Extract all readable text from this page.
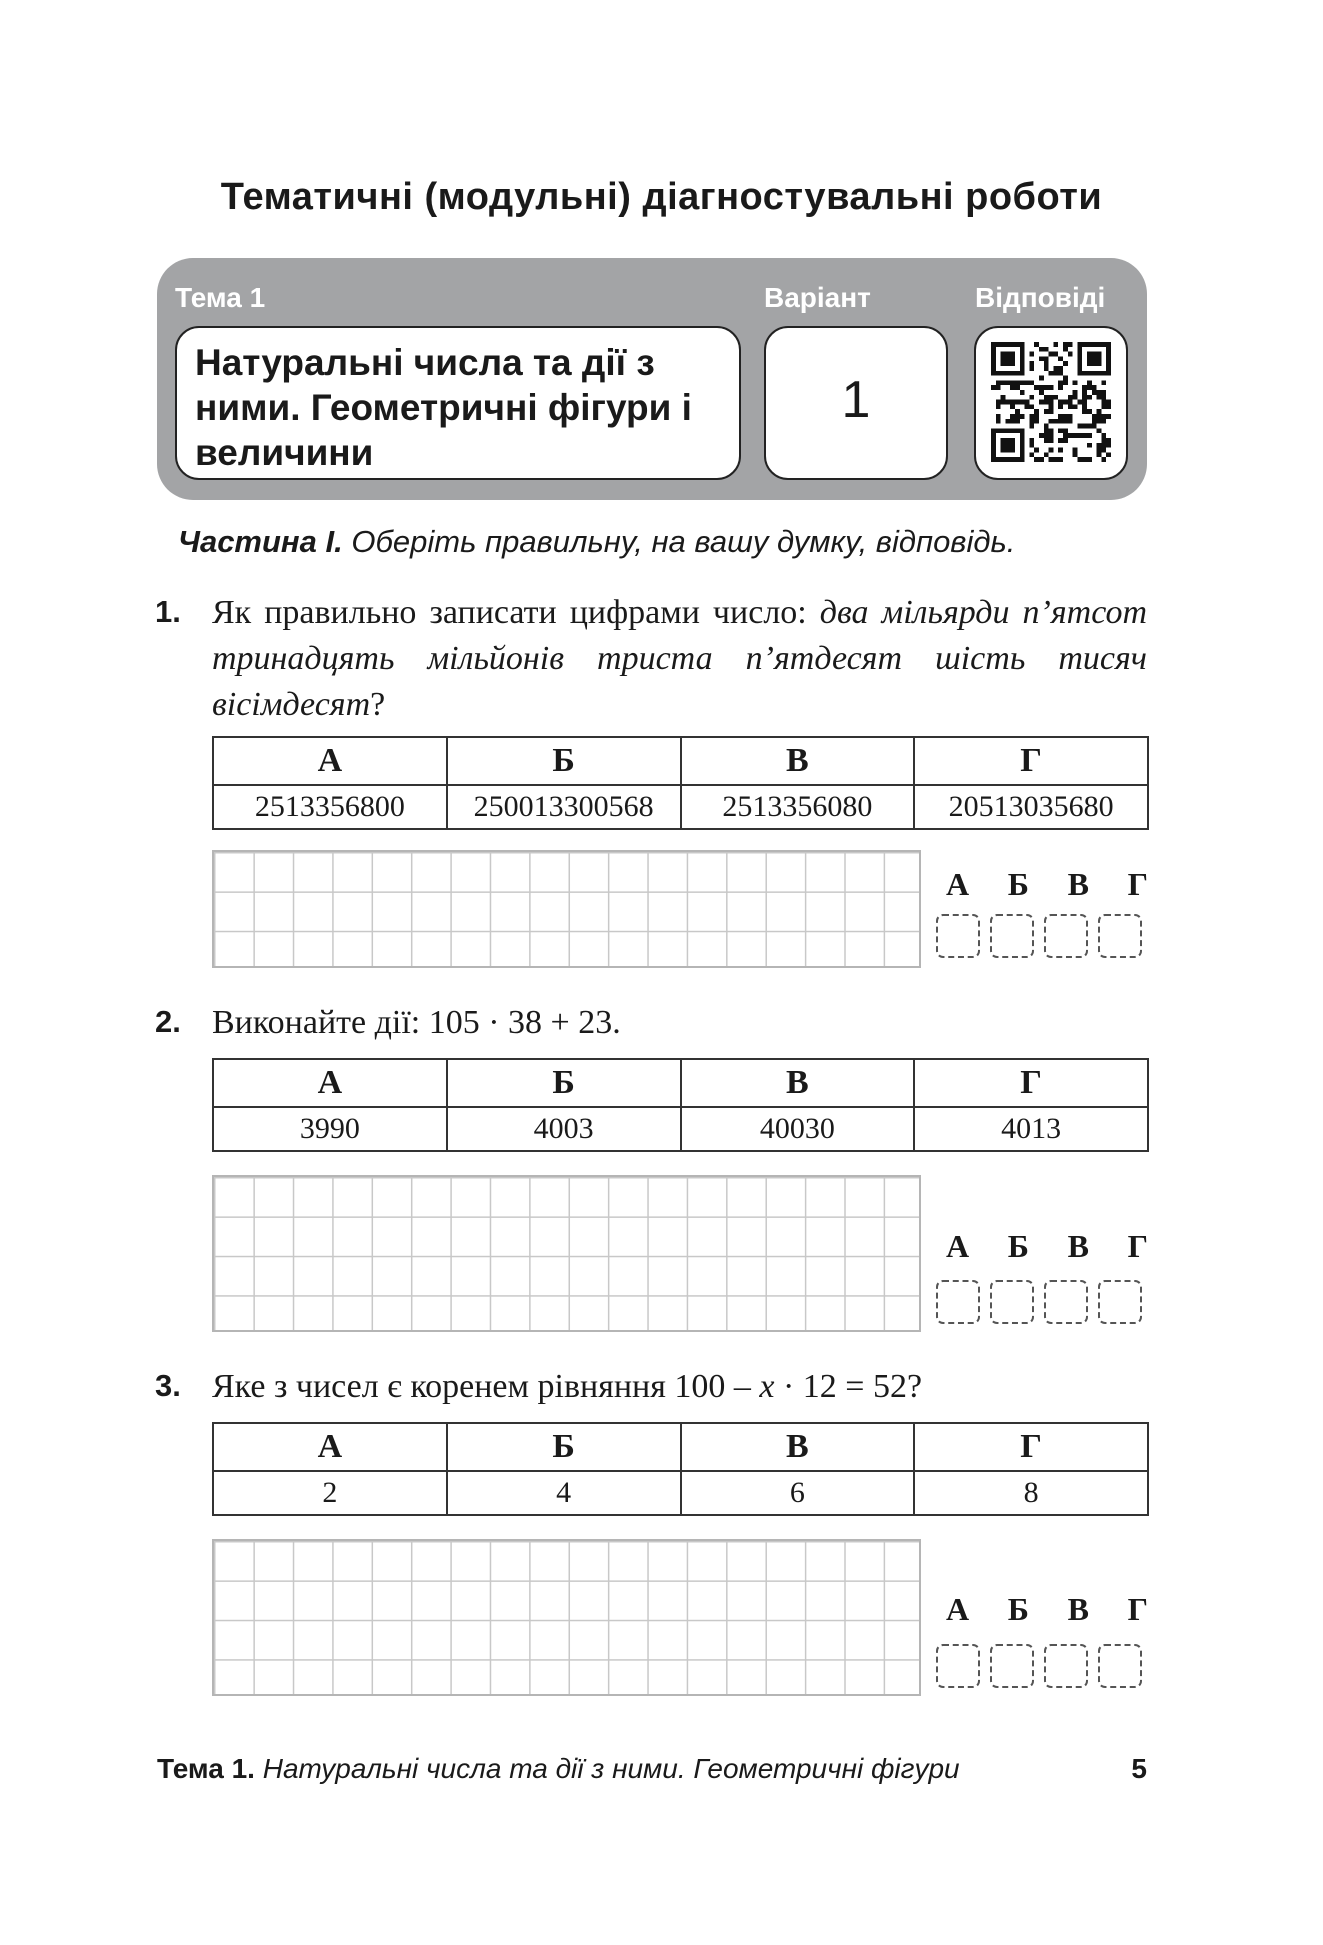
Тематичні (модульні) діагностувальні роботи
Тема 1	Варіант	Відповіді
Натуральні числа та дії з ними. Геометричні фігури і величини
1
Частина I. Оберіть правильну, на вашу думку, відповідь.
1. Як правильно записати цифрами число: два мільярди п’ятсот тринадцять мільйонів триста п’ятдесят шість тисяч вісімдесят?
А	Б	В	Г
2513356800	250013300568	2513356080	20513035680
А Б В Г
2. Виконайте дії: 105 · 38 + 23.
А	Б	В	Г
3990	4003	40030	4013
А Б В Г
3. Яке з чисел є коренем рівняння 100 – x · 12 = 52?
А	Б	В	Г
2	4	6	8
А Б В Г
Тема 1. Натуральні числа та дії з ними. Геометричні фігури	5
